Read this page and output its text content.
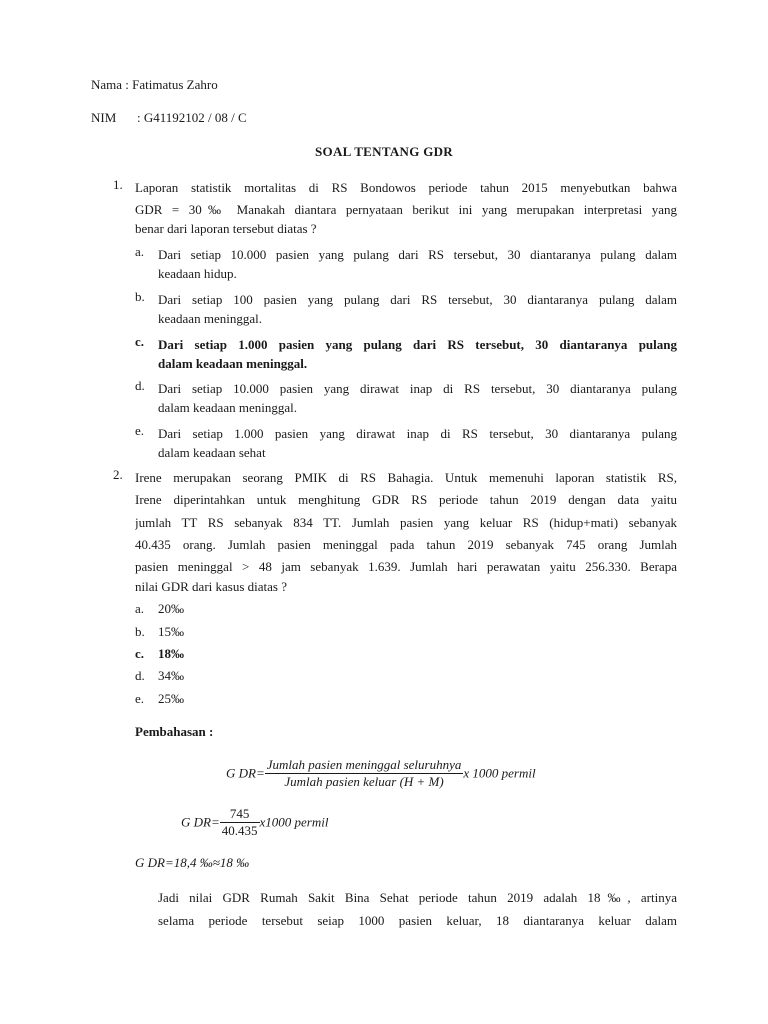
Nama : Fatimatus Zahro
NIM : G41192102 / 08 / C
SOAL TENTANG GDR
1. Laporan statistik mortalitas di RS Bondowos periode tahun 2015 menyebutkan bahwa
GDR = 30‰ Manakah diantara pernyataan berikut ini yang merupakan interpretasi yang
benar dari laporan tersebut diatas ?
a. Dari setiap 10.000 pasien yang pulang dari RS tersebut, 30 diantaranya pulang dalam
keadaan hidup.
b. Dari setiap 100 pasien yang pulang dari RS tersebut, 30 diantaranya pulang dalam
keadaan meninggal.
c. Dari setiap 1.000 pasien yang pulang dari RS tersebut, 30 diantaranya pulang
dalam keadaan meninggal.
d. Dari setiap 10.000 pasien yang dirawat inap di RS tersebut, 30 diantaranya pulang
dalam keadaan meninggal.
e. Dari setiap 1.000 pasien yang dirawat inap di RS tersebut, 30 diantaranya pulang
dalam keadaan sehat
2. Irene merupakan seorang PMIK di RS Bahagia. Untuk memenuhi laporan statistik RS,
Irene diperintahkan untuk menghitung GDR RS periode tahun 2019 dengan data yaitu
jumlah TT RS sebanyak 834 TT. Jumlah pasien yang keluar RS (hidup+mati) sebanyak
40.435 orang. Jumlah pasien meninggal pada tahun 2019 sebanyak 745 orang Jumlah
pasien meninggal > 48 jam sebanyak 1.639. Jumlah hari perawatan yaitu 256.330. Berapa
nilai GDR dari kasus diatas ?
a. 20‰
b. 15‰
c. 18‰
d. 34‰
e. 25‰
Pembahasan :
G $DR= \frac{\text{Jumlah pasien meninggal seluruhnya}}{\text{Jumlah pasien keluar (H + M)}}$ x 1000 permil
G $DR= \frac{745}{40.435} x1000$ permil
G DR=18,4 ‰≈18 ‰
Jadi nilai GDR Rumah Sakit Bina Sehat periode tahun 2019 adalah 18‰, artinya
selama periode tersebut seiap 1000 pasien keluar, 18 diantaranya keluar dalam
